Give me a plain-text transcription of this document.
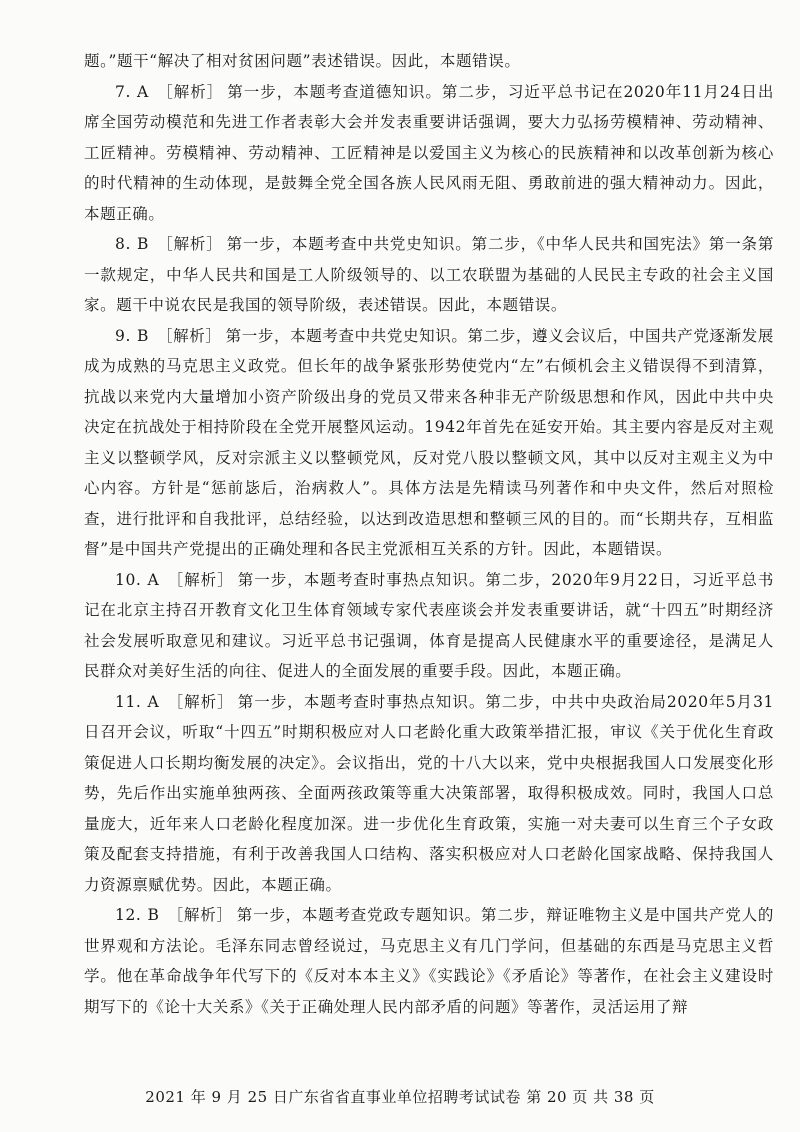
题。”题干“解决了相对贫困问题”表述错误。因此，本题错误。

7. A ［解析］ 第一步，本题考查道德知识。第二步，习近平总书记在2020年11月24日出席全国劳动模范和先进工作者表彰大会并发表重要讲话强调，要大力弘扬劳模精神、劳动精神、工匠精神。劳模精神、劳动精神、工匠精神是以爱国主义为核心的民族精神和以改革创新为核心的时代精神的生动体现，是鼓舞全党全国各族人民风雨无阻、勇敢前进的强大精神动力。因此，本题正确。

8. B ［解析］ 第一步，本题考查中共党史知识。第二步，《中华人民共和国宪法》第一条第一款规定，中华人民共和国是工人阶级领导的、以工农联盟为基础的人民民主专政的社会主义国家。题干中说农民是我国的领导阶级，表述错误。因此，本题错误。

9. B ［解析］ 第一步，本题考查中共党史知识。第二步，遵义会议后，中国共产党逐渐发展成为成熟的马克思主义政党。但长年的战争紧张形势使党内“左”右倾机会主义错误得不到清算，抗战以来党内大量增加小资产阶级出身的党员又带来各种非无产阶级思想和作风，因此中共中央决定在抗战处于相持阶段在全党开展整风运动。1942年首先在延安开始。其主要内容是反对主观主义以整顿学风，反对宗派主义以整顿党风，反对党八股以整顿文风，其中以反对主观主义为中心内容。方针是“惩前毖后，治病救人”。具体方法是先精读马列著作和中央文件，然后对照检查，进行批评和自我批评，总结经验，以达到改造思想和整顿三风的目的。而“长期共存，互相监督”是中国共产党提出的正确处理和各民主党派相互关系的方针。因此，本题错误。

10. A ［解析］ 第一步，本题考查时事热点知识。第二步，2020年9月22日，习近平总书记在北京主持召开教育文化卫生体育领域专家代表座谈会并发表重要讲话，就“十四五”时期经济社会发展听取意见和建议。习近平总书记强调，体育是提高人民健康水平的重要途径，是满足人民群众对美好生活的向往、促进人的全面发展的重要手段。因此，本题正确。

11. A ［解析］ 第一步，本题考查时事热点知识。第二步，中共中央政治局2020年5月31日召开会议，听取“十四五”时期积极应对人口老龄化重大政策举措汇报，审议《关于优化生育政策促进人口长期均衡发展的决定》。会议指出，党的十八大以来，党中央根据我国人口发展变化形势，先后作出实施单独两孩、全面两孩政策等重大决策部署，取得积极成效。同时，我国人口总量庞大，近年来人口老龄化程度加深。进一步优化生育政策，实施一对夫妻可以生育三个子女政策及配套支持措施，有利于改善我国人口结构、落实积极应对人口老龄化国家战略、保持我国人力资源禀赋优势。因此，本题正确。

12. B ［解析］ 第一步，本题考查党政专题知识。第二步，辩证唯物主义是中国共产党人的世界观和方法论。毛泽东同志曾经说过，马克思主义有几门学问，但基础的东西是马克思主义哲学。他在革命战争年代写下的《反对本本主义》《实践论》《矛盾论》等著作，在社会主义建设时期写下的《论十大关系》《关于正确处理人民内部矛盾的问题》等著作，灵活运用了辩

2021 年 9 月 25 日广东省省直事业单位招聘考试试卷 第 20 页 共 38 页
